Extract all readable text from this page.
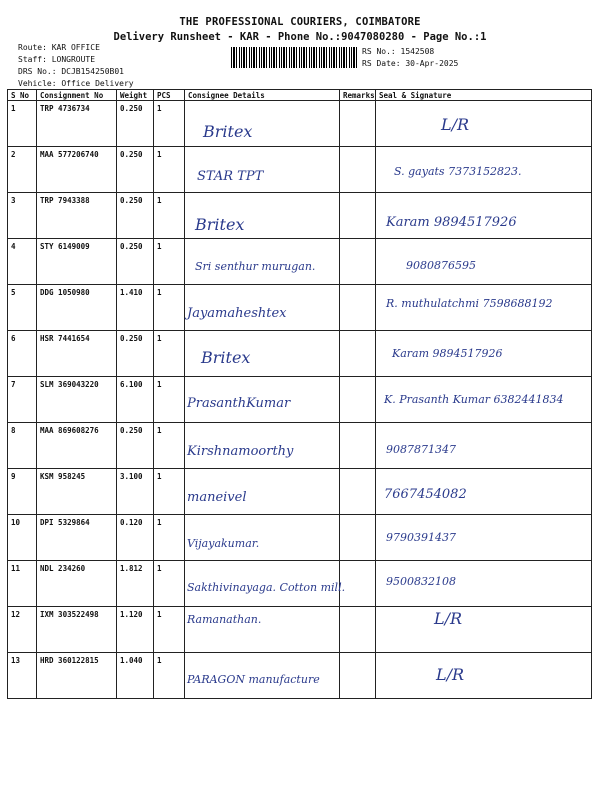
THE PROFESSIONAL COURIERS, COIMBATORE
Delivery Runsheet - KAR - Phone No.:9047080280 - Page No.:1
Route: KAR OFFICE
Staff: LONGROUTE
DRS No.: DCJB154250B01
Vehicle: Office Delivery
RS No.: 1542508
RS Date: 30-Apr-2025
S No	Consignment No	Weight	PCS	Consignee Details	Remarks	Seal & Signature
1	TRP 4736734	0.250	1	Britex		L/R

2	MAA 577206740	0.250	1	STAR TPT		S. gayats 7373152823.

3	TRP 7943388	0.250	1	Britex		Karam 9894517926

4	STY 6149009	0.250	1	Sri senthur murugan.		9080876595

5	DDG 1050980	1.410	1	Jayamaheshtex		R. muthulatchmi 7598688192

6	HSR 7441654	0.250	1	Britex		Karam 9894517926

7	SLM 369043220	6.100	1	PrasanthKumar		K. Prasanth Kumar 6382441834

8	MAA 869608276	0.250	1	Kirshnamoorthy		9087871347

9	KSM 958245	3.100	1	maneivel		7667454082

10	DPI 5329864	0.120	1	Vijayakumar.		9790391437

11	NDL 234260	1.812	1	Sakthivinayaga. Cotton mill.		9500832108

12	IXM 303522498	1.120	1	Ramanathan.		L/R

13	HRD 360122815	1.040	1	PARAGON manufacture		L/R
